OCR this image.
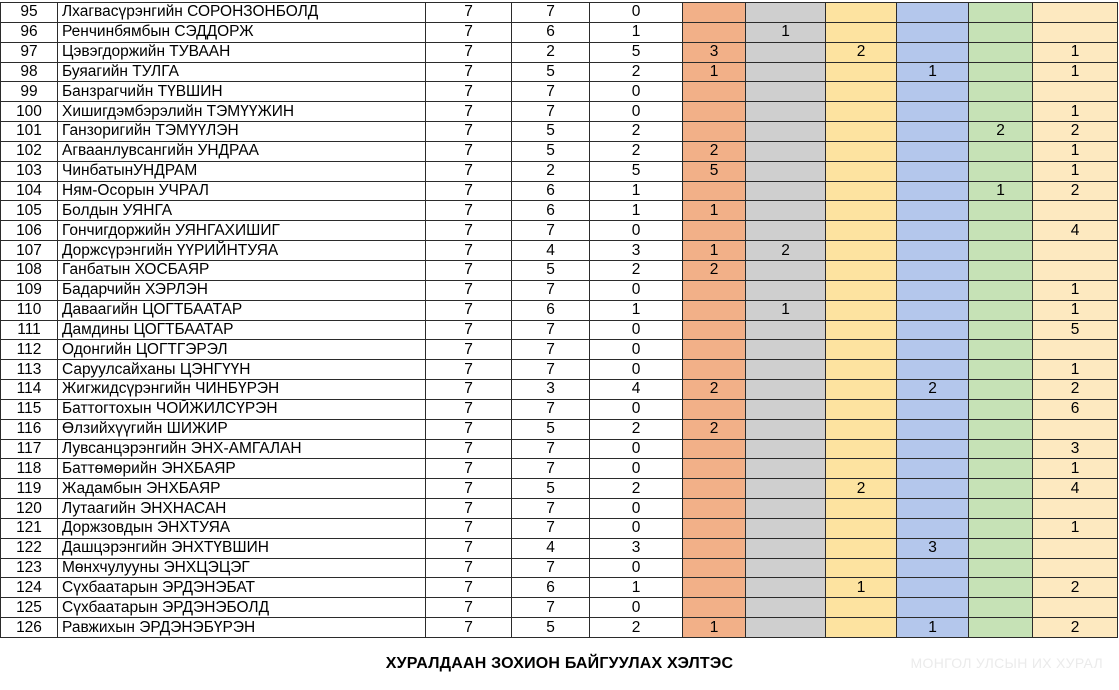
95	Лхагвасүрэнгийн СОРОНЗОНБОЛД	7	7	0						
96	Ренчинбямбын СЭДДОРЖ	7	6	1		1				
97	Цэвэгдоржийн ТУВААН	7	2	5	3		2			1
98	Буяагийн ТУЛГА	7	5	2	1			1		1
99	Банзрагчийн ТҮВШИН	7	7	0						
100	Хишигдэмбэрэлийн ТЭМҮҮЖИН	7	7	0						1
101	Ганзоригийн ТЭМҮҮЛЭН	7	5	2					2	2
102	Агваанлувсангийн УНДРАА	7	5	2	2					1
103	ЧинбатынУНДРАМ	7	2	5	5					1
104	Ням-Осорын УЧРАЛ	7	6	1					1	2
105	Болдын УЯНГА	7	6	1	1					
106	Гончигдоржийн УЯНГАХИШИГ	7	7	0						4
107	Доржсүрэнгийн ҮҮРИЙНТУЯА	7	4	3	1	2				
108	Ганбатын ХОСБАЯР	7	5	2	2					
109	Бадарчийн ХЭРЛЭН	7	7	0						1
110	Даваагийн ЦОГТБААТАР	7	6	1		1				1
111	Дамдины ЦОГТБААТАР	7	7	0						5
112	Одонгийн ЦОГТГЭРЭЛ	7	7	0						
113	Саруулсайханы ЦЭНГҮҮН	7	7	0						1
114	Жигжидсүрэнгийн ЧИНБҮРЭН	7	3	4	2			2		2
115	Баттогтохын ЧОЙЖИЛСҮРЭН	7	7	0						6
116	Өлзийхүүгийн ШИЖИР	7	5	2	2					
117	Лувсанцэрэнгийн ЭНХ-АМГАЛАН	7	7	0						3
118	Баттөмөрийн ЭНХБАЯР	7	7	0						1
119	Жадамбын ЭНХБАЯР	7	5	2			2			4
120	Лутаагийн ЭНХНАСАН	7	7	0						
121	Доржзовдын ЭНХТУЯА	7	7	0						1
122	Дашцэрэнгийн ЭНХТҮВШИН	7	4	3				3		
123	Мөнхчулууны ЭНХЦЭЦЭГ	7	7	0						
124	Сүхбаатарын ЭРДЭНЭБАТ	7	6	1			1			2
125	Сүхбаатарын ЭРДЭНЭБОЛД	7	7	0						
126	Равжихын ЭРДЭНЭБҮРЭН	7	5	2	1			1		2
ХУРАЛДААН ЗОХИОН БАЙГУУЛАХ ХЭЛТЭС	МОНГОЛ УЛСЫН ИХ ХУРАЛ
